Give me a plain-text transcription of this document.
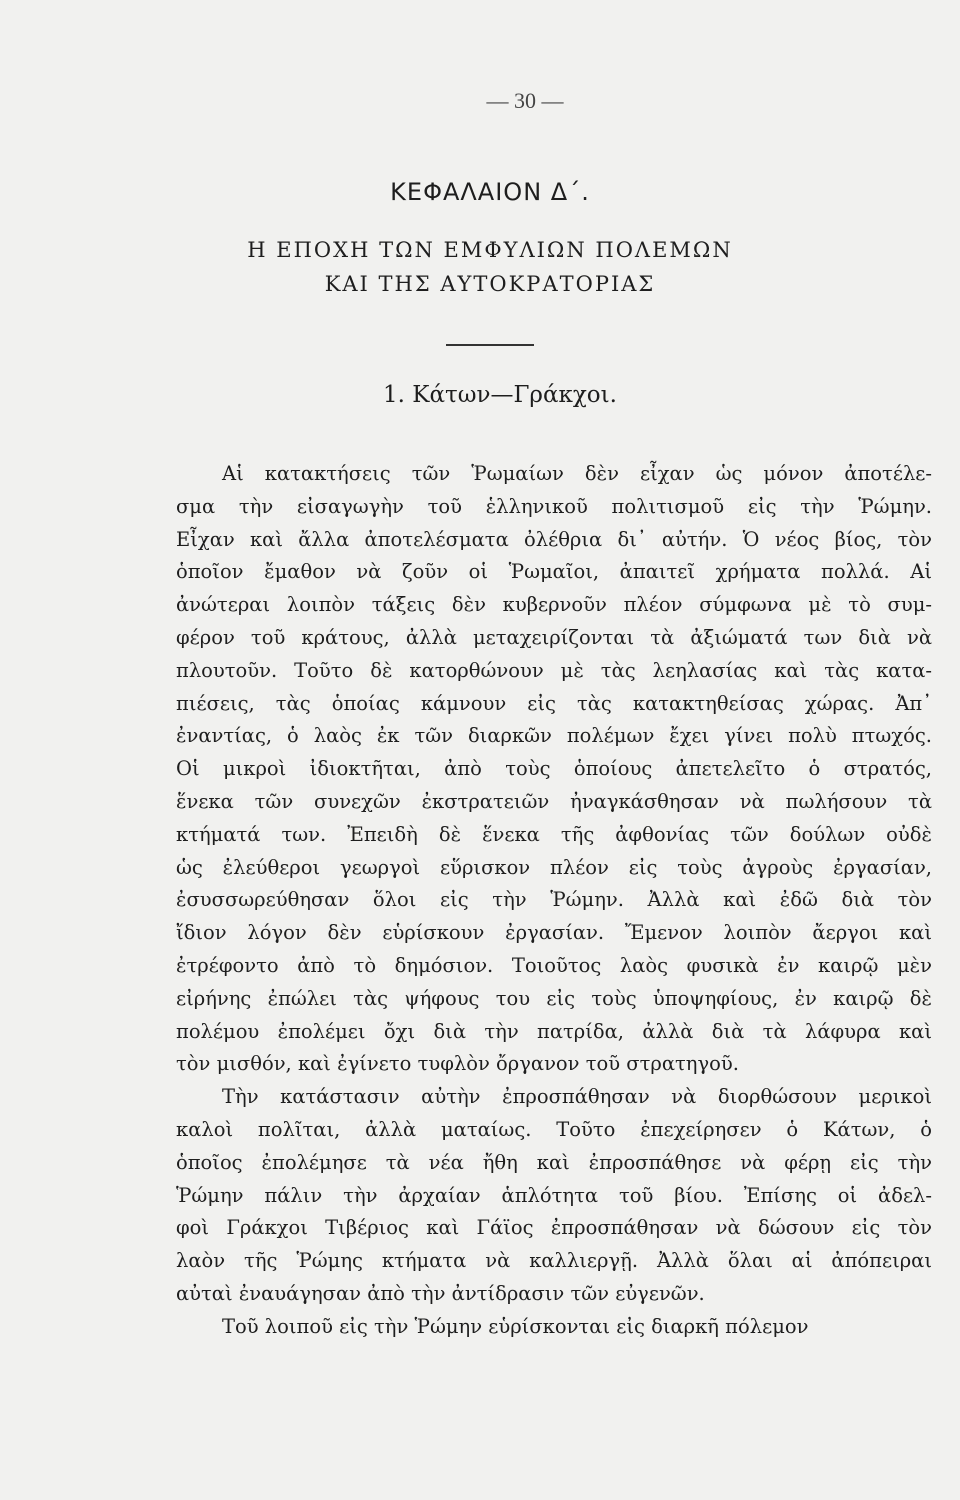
— 30 —
ΚΕΦΑΛΑΙΟΝ Δ΄.
Η ΕΠΟΧΗ ΤΩΝ ΕΜΦΥΛΙΩΝ ΠΟΛΕΜΩΝ
ΚΑΙ ΤΗΣ ΑΥΤΟΚΡΑΤΟΡΙΑΣ
1. Κάτων—Γράκχοι.
Αἱ κατακτήσεις τῶν Ῥωμαίων δὲν εἶχαν ὡς μόνον ἀποτέλε-
σμα τὴν εἰσαγωγὴν τοῦ ἑλληνικοῦ πολιτισμοῦ εἰς τὴν Ῥώμην.
Εἶχαν καὶ ἄλλα ἀποτελέσματα ὀλέθρια δι᾽ αὐτήν. Ὁ νέος βίος, τὸν
ὁποῖον ἔμαθον νὰ ζοῦν οἱ Ῥωμαῖοι, ἀπαιτεῖ χρήματα πολλά. Αἱ
ἀνώτεραι λοιπὸν τάξεις δὲν κυβερνοῦν πλέον σύμφωνα μὲ τὸ συμ-
φέρον τοῦ κράτους, ἀλλὰ μεταχειρίζονται τὰ ἀξιώματά των διὰ νὰ
πλουτοῦν. Τοῦτο δὲ κατορθώνουν μὲ τὰς λεηλασίας καὶ τὰς κατα-
πιέσεις, τὰς ὁποίας κάμνουν εἰς τὰς κατακτηθείσας χώρας. Ἀπ᾽
ἐναντίας, ὁ λαὸς ἐκ τῶν διαρκῶν πολέμων ἔχει γίνει πολὺ πτωχός.
Οἱ μικροὶ ἰδιοκτῆται, ἀπὸ τοὺς ὁποίους ἀπετελεῖτο ὁ στρατός,
ἕνεκα τῶν συνεχῶν ἐκστρατειῶν ἠναγκάσθησαν νὰ πωλήσουν τὰ
κτήματά των. Ἐπειδὴ δὲ ἕνεκα τῆς ἀφθονίας τῶν δούλων οὐδὲ
ὡς ἐλεύθεροι γεωργοὶ εὕρισκον πλέον εἰς τοὺς ἀγροὺς ἐργασίαν,
ἐσυσσωρεύθησαν ὅλοι εἰς τὴν Ῥώμην. Ἀλλὰ καὶ ἐδῶ διὰ τὸν
ἴδιον λόγον δὲν εὑρίσκουν ἐργασίαν. Ἔμενον λοιπὸν ἄεργοι καὶ
ἐτρέφοντο ἀπὸ τὸ δημόσιον. Τοιοῦτος λαὸς φυσικὰ ἐν καιρῷ μὲν
εἰρήνης ἐπώλει τὰς ψήφους του εἰς τοὺς ὑποψηφίους, ἐν καιρῷ δὲ
πολέμου ἐπολέμει ὄχι διὰ τὴν πατρίδα, ἀλλὰ διὰ τὰ λάφυρα καὶ
τὸν μισθόν, καὶ ἐγίνετο τυφλὸν ὄργανον τοῦ στρατηγοῦ.
Τὴν κατάστασιν αὐτὴν ἐπροσπάθησαν νὰ διορθώσουν μερικοὶ
καλοὶ πολῖται, ἀλλὰ ματαίως. Τοῦτο ἐπεχείρησεν ὁ Κάτων, ὁ
ὁποῖος ἐπολέμησε τὰ νέα ἤθη καὶ ἐπροσπάθησε νὰ φέρῃ εἰς τὴν
Ῥώμην πάλιν τὴν ἀρχαίαν ἁπλότητα τοῦ βίου. Ἐπίσης οἱ ἀδελ-
φοὶ Γράκχοι Τιβέριος καὶ Γάϊος ἐπροσπάθησαν νὰ δώσουν εἰς τὸν
λαὸν τῆς Ῥώμης κτήματα νὰ καλλιεργῇ. Ἀλλὰ ὅλαι αἱ ἀπόπειραι
αὐταὶ ἐναυάγησαν ἀπὸ τὴν ἀντίδρασιν τῶν εὐγενῶν.
Τοῦ λοιποῦ εἰς τὴν Ῥώμην εὑρίσκονται εἰς διαρκῆ πόλεμον
